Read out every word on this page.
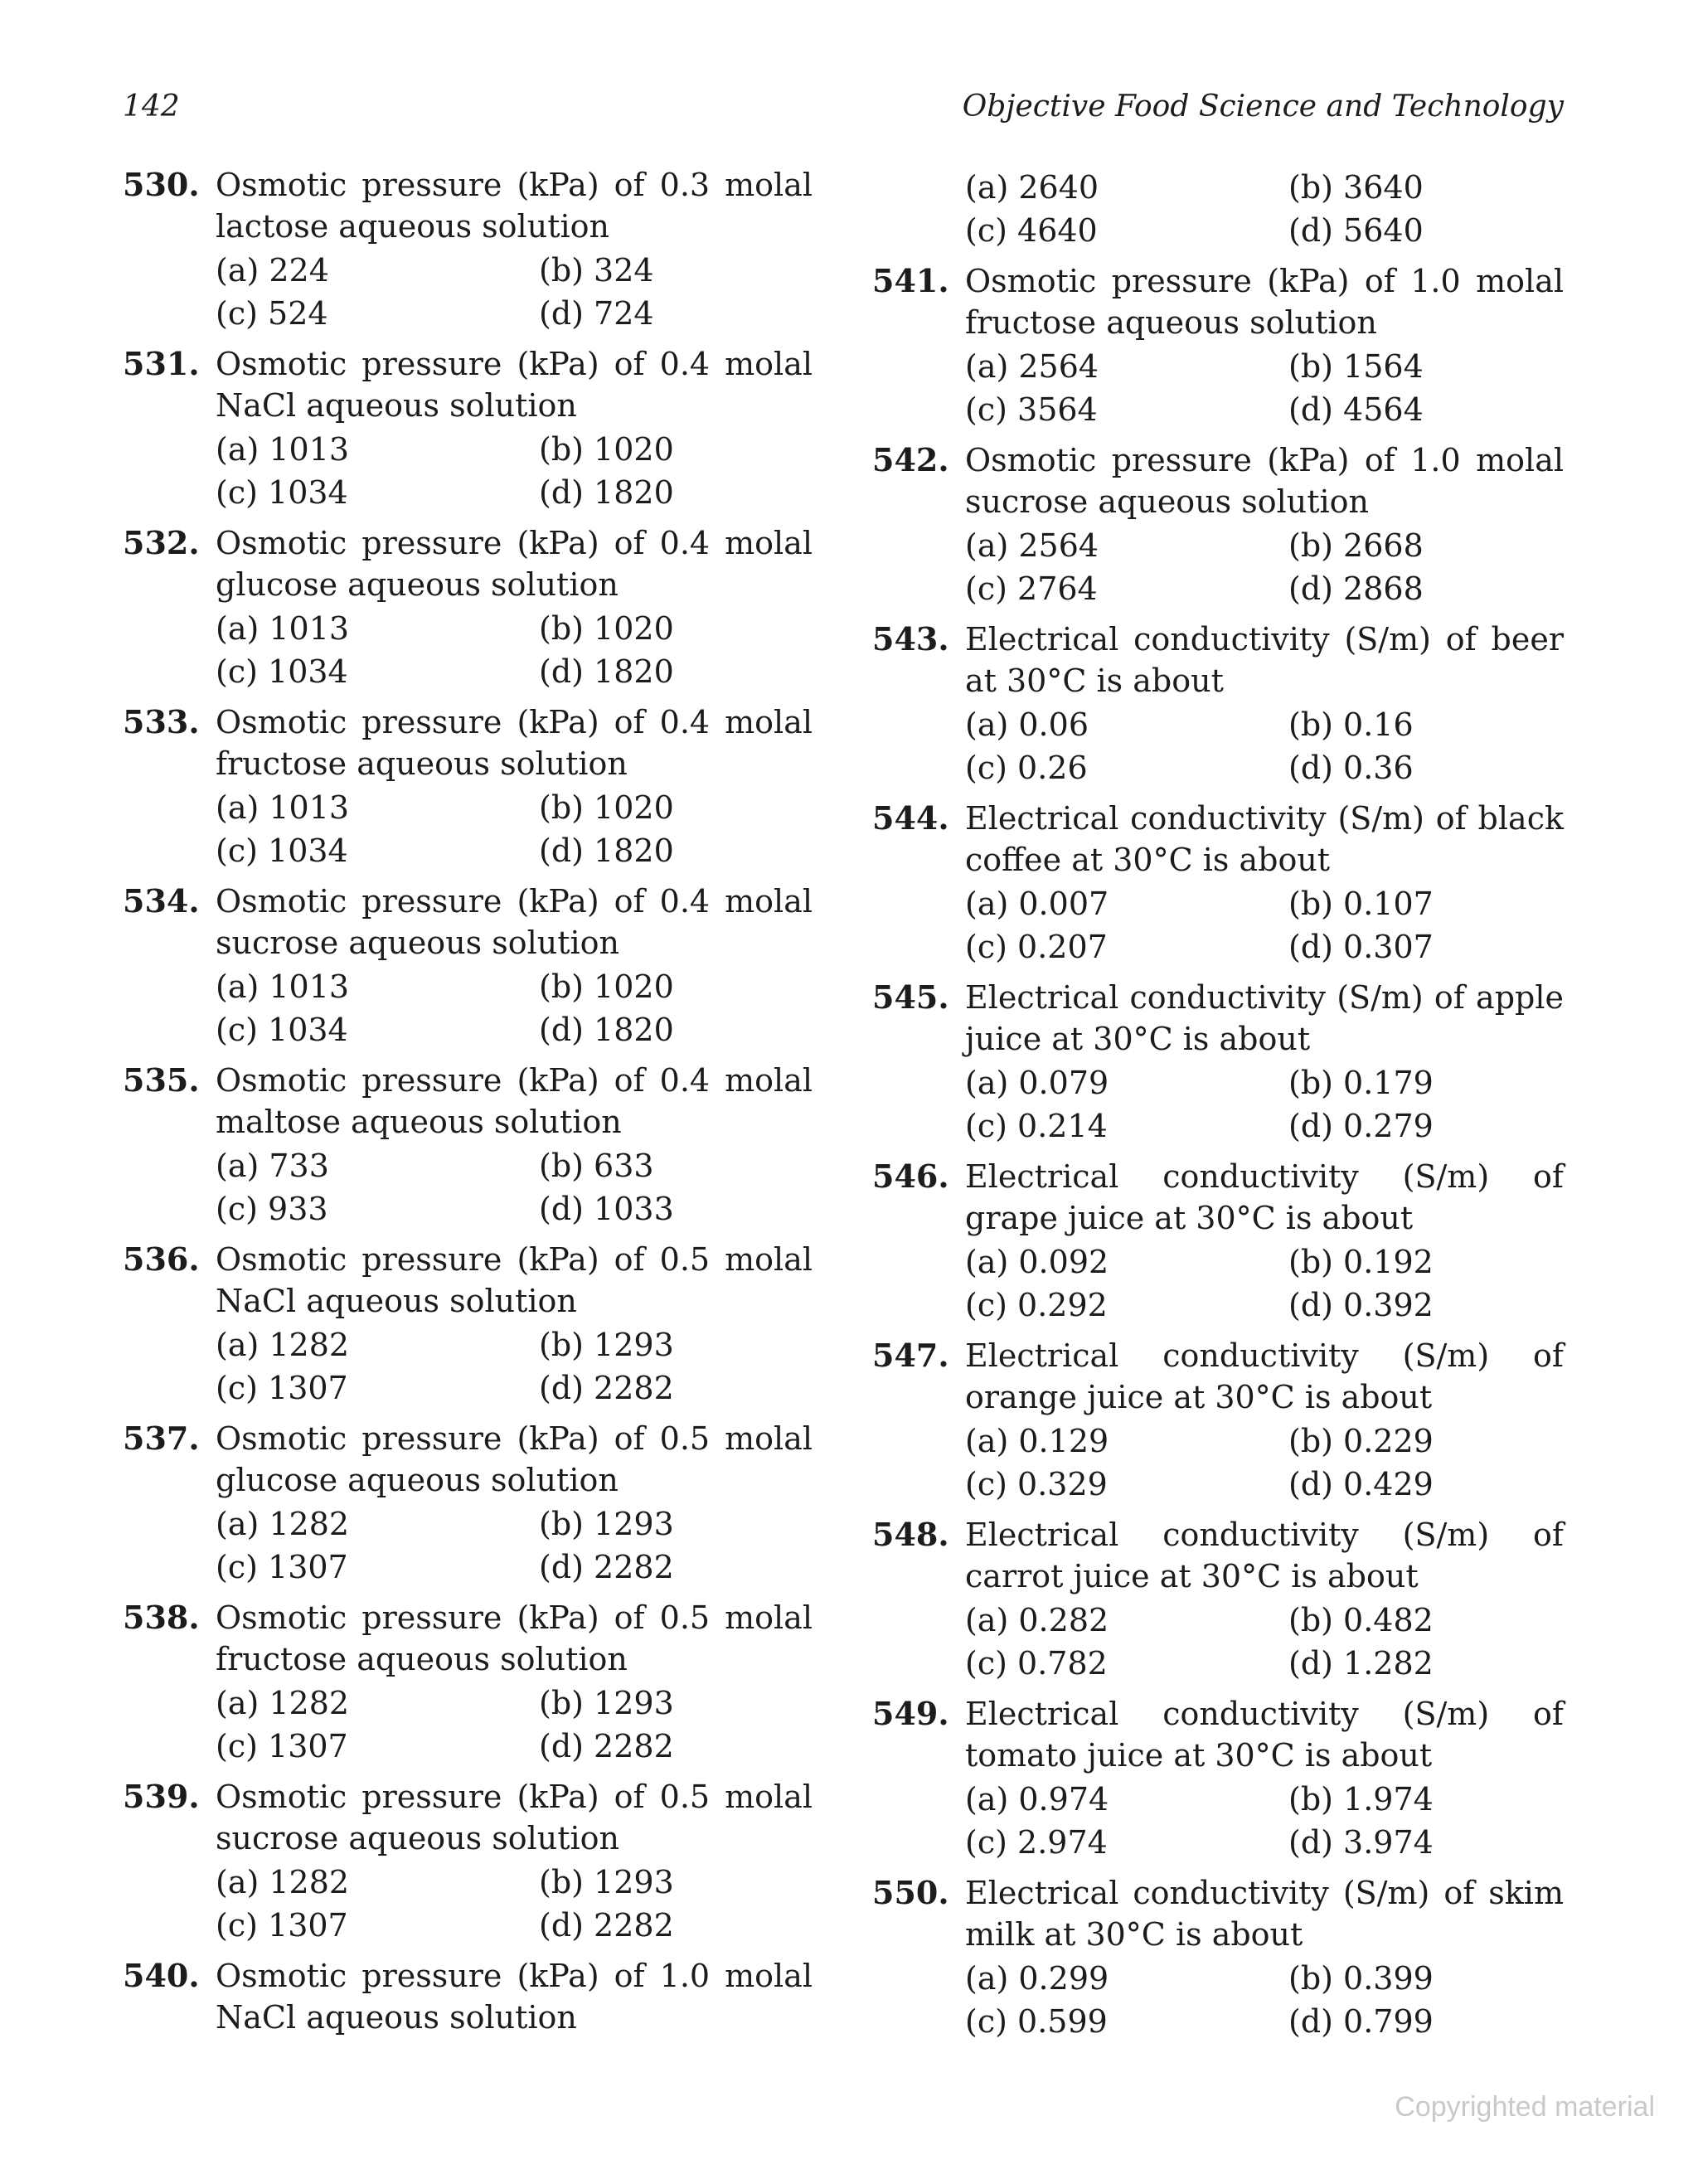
142	Objective Food Science and Technology
530. Osmotic pressure (kPa) of 0.3 molal lactose aqueous solution
(a) 224	(b) 324
(c) 524	(d) 724
531. Osmotic pressure (kPa) of 0.4 molal NaCl aqueous solution
(a) 1013	(b) 1020
(c) 1034	(d) 1820
532. Osmotic pressure (kPa) of 0.4 molal glucose aqueous solution
(a) 1013	(b) 1020
(c) 1034	(d) 1820
533. Osmotic pressure (kPa) of 0.4 molal fructose aqueous solution
(a) 1013	(b) 1020
(c) 1034	(d) 1820
534. Osmotic pressure (kPa) of 0.4 molal sucrose aqueous solution
(a) 1013	(b) 1020
(c) 1034	(d) 1820
535. Osmotic pressure (kPa) of 0.4 molal maltose aqueous solution
(a) 733	(b) 633
(c) 933	(d) 1033
536. Osmotic pressure (kPa) of 0.5 molal NaCl aqueous solution
(a) 1282	(b) 1293
(c) 1307	(d) 2282
537. Osmotic pressure (kPa) of 0.5 molal glucose aqueous solution
(a) 1282	(b) 1293
(c) 1307	(d) 2282
538. Osmotic pressure (kPa) of 0.5 molal fructose aqueous solution
(a) 1282	(b) 1293
(c) 1307	(d) 2282
539. Osmotic pressure (kPa) of 0.5 molal sucrose aqueous solution
(a) 1282	(b) 1293
(c) 1307	(d) 2282
540. Osmotic pressure (kPa) of 1.0 molal NaCl aqueous solution
(a) 2640	(b) 3640
(c) 4640	(d) 5640
541. Osmotic pressure (kPa) of 1.0 molal fructose aqueous solution
(a) 2564	(b) 1564
(c) 3564	(d) 4564
542. Osmotic pressure (kPa) of 1.0 molal sucrose aqueous solution
(a) 2564	(b) 2668
(c) 2764	(d) 2868
543. Electrical conductivity (S/m) of beer at 30°C is about
(a) 0.06	(b) 0.16
(c) 0.26	(d) 0.36
544. Electrical conductivity (S/m) of black coffee at 30°C is about
(a) 0.007	(b) 0.107
(c) 0.207	(d) 0.307
545. Electrical conductivity (S/m) of apple juice at 30°C is about
(a) 0.079	(b) 0.179
(c) 0.214	(d) 0.279
546. Electrical conductivity (S/m) of grape juice at 30°C is about
(a) 0.092	(b) 0.192
(c) 0.292	(d) 0.392
547. Electrical conductivity (S/m) of orange juice at 30°C is about
(a) 0.129	(b) 0.229
(c) 0.329	(d) 0.429
548. Electrical conductivity (S/m) of carrot juice at 30°C is about
(a) 0.282	(b) 0.482
(c) 0.782	(d) 1.282
549. Electrical conductivity (S/m) of tomato juice at 30°C is about
(a) 0.974	(b) 1.974
(c) 2.974	(d) 3.974
550. Electrical conductivity (S/m) of skim milk at 30°C is about
(a) 0.299	(b) 0.399
(c) 0.599	(d) 0.799
Copyrighted material
